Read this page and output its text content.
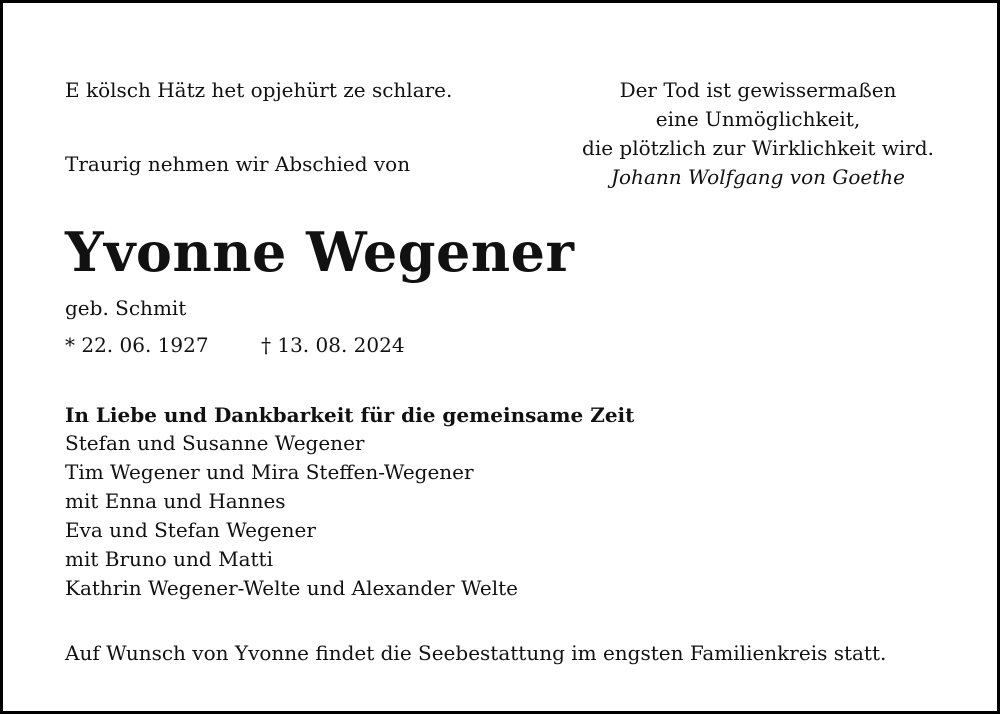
E kölsch Hätz het opjehürt ze schlare.
Traurig nehmen wir Abschied von
Der Tod ist gewissermaßen
eine Unmöglichkeit,
die plötzlich zur Wirklichkeit wird.
Johann Wolfgang von Goethe
Yvonne Wegener
geb. Schmit
* 22. 06. 1927	† 13. 08. 2024
In Liebe und Dankbarkeit für die gemeinsame Zeit
Stefan und Susanne Wegener
Tim Wegener und Mira Steffen-Wegener
mit Enna und Hannes
Eva und Stefan Wegener
mit Bruno und Matti
Kathrin Wegener-Welte und Alexander Welte
Auf Wunsch von Yvonne findet die Seebestattung im engsten Familienkreis statt.
